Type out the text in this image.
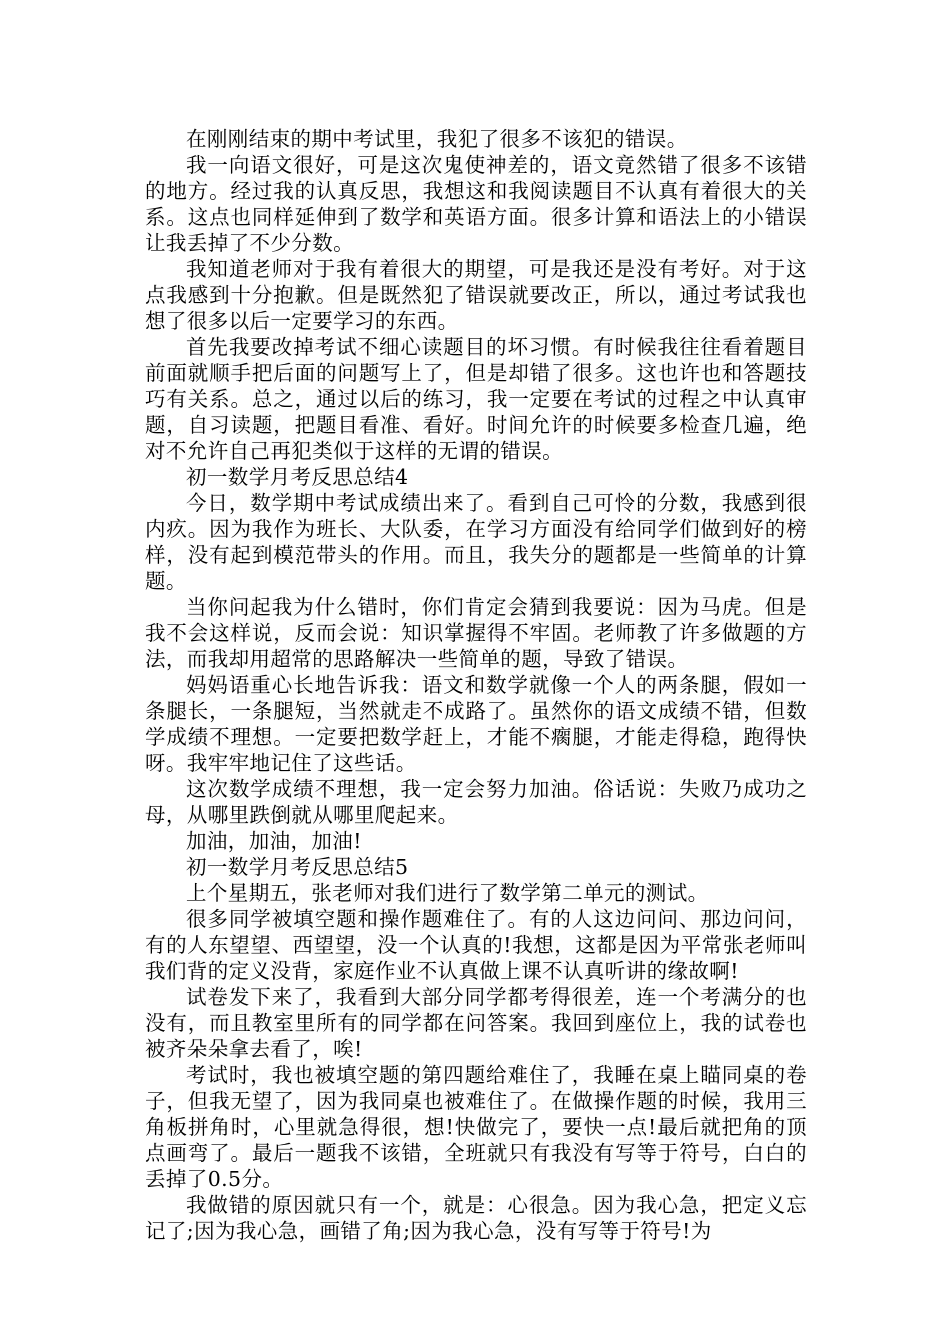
在刚刚结束的期中考试里，我犯了很多不该犯的错误。

我一向语文很好，可是这次鬼使神差的，语文竟然错了很多不该错的地方。经过我的认真反思，我想这和我阅读题目不认真有着很大的关系。这点也同样延伸到了数学和英语方面。很多计算和语法上的小错误让我丢掉了不少分数。

我知道老师对于我有着很大的期望，可是我还是没有考好。对于这点我感到十分抱歉。但是既然犯了错误就要改正，所以，通过考试我也想了很多以后一定要学习的东西。

首先我要改掉考试不细心读题目的坏习惯。有时候我往往看着题目前面就顺手把后面的问题写上了，但是却错了很多。这也许也和答题技巧有关系。总之，通过以后的练习，我一定要在考试的过程之中认真审题，自习读题，把题目看准、看好。时间允许的时候要多检查几遍，绝对不允许自己再犯类似于这样的无谓的错误。

初一数学月考反思总结4

今日，数学期中考试成绩出来了。看到自己可怜的分数，我感到很内疚。因为我作为班长、大队委，在学习方面没有给同学们做到好的榜样，没有起到模范带头的作用。而且，我失分的题都是一些简单的计算题。

当你问起我为什么错时，你们肯定会猜到我要说：因为马虎。但是我不会这样说，反而会说：知识掌握得不牢固。老师教了许多做题的方法，而我却用超常的思路解决一些简单的题，导致了错误。

妈妈语重心长地告诉我：语文和数学就像一个人的两条腿，假如一条腿长，一条腿短，当然就走不成路了。虽然你的语文成绩不错，但数学成绩不理想。一定要把数学赶上，才能不瘸腿，才能走得稳，跑得快呀。我牢牢地记住了这些话。

这次数学成绩不理想，我一定会努力加油。俗话说：失败乃成功之母，从哪里跌倒就从哪里爬起来。

加油，加油，加油!

初一数学月考反思总结5

上个星期五，张老师对我们进行了数学第二单元的测试。

很多同学被填空题和操作题难住了。有的人这边问问、那边问问，有的人东望望、西望望，没一个认真的!我想，这都是因为平常张老师叫我们背的定义没背，家庭作业不认真做上课不认真听讲的缘故啊!

试卷发下来了，我看到大部分同学都考得很差，连一个考满分的也没有，而且教室里所有的同学都在问答案。我回到座位上，我的试卷也被齐朵朵拿去看了，唉!

考试时，我也被填空题的第四题给难住了，我睡在桌上瞄同桌的卷子，但我无望了，因为我同桌也被难住了。在做操作题的时候，我用三角板拼角时，心里就急得很，想!快做完了，要快一点!最后就把角的顶点画弯了。最后一题我不该错，全班就只有我没有写等于符号，白白的丢掉了0.5分。

我做错的原因就只有一个，就是：心很急。因为我心急，把定义忘记了;因为我心急，画错了角;因为我心急，没有写等于符号!为
